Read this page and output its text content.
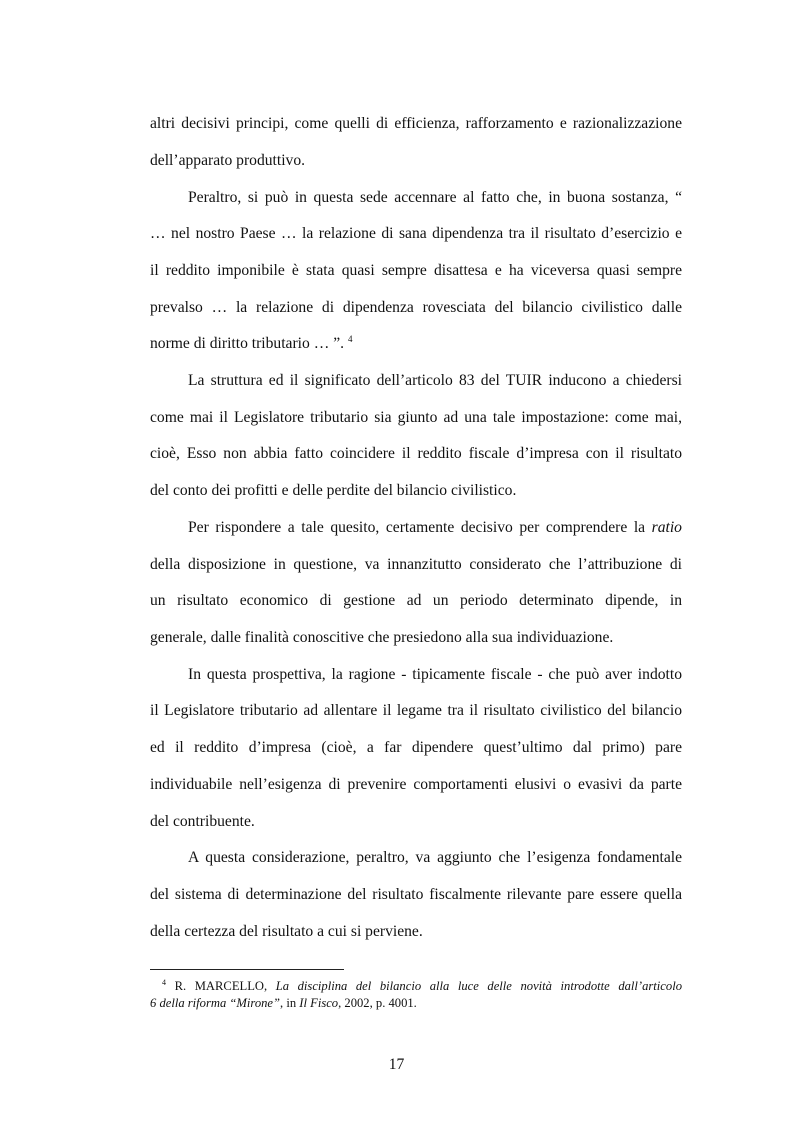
altri decisivi principi, come quelli di efficienza, rafforzamento e razionalizzazione
dell’apparato produttivo.
Peraltro, si può in questa sede accennare al fatto che, in buona sostanza, “
… nel nostro Paese … la relazione di sana dipendenza tra il risultato d’esercizio e
il reddito imponibile è stata quasi sempre disattesa e ha viceversa quasi sempre
prevalso … la relazione di dipendenza rovesciata del bilancio civilistico dalle
norme di diritto tributario … ”. $^4$
La struttura ed il significato dell’articolo 83 del TUIR inducono a chiedersi
come mai il Legislatore tributario sia giunto ad una tale impostazione: come mai,
cioè, Esso non abbia fatto coincidere il reddito fiscale d’impresa con il risultato
del conto dei profitti e delle perdite del bilancio civilistico.
Per rispondere a tale quesito, certamente decisivo per comprendere la ratio
della disposizione in questione, va innanzitutto considerato che l’attribuzione di
un risultato economico di gestione ad un periodo determinato dipende, in
generale, dalle finalità conoscitive che presiedono alla sua individuazione.
In questa prospettiva, la ragione - tipicamente fiscale - che può aver indotto
il Legislatore tributario ad allentare il legame tra il risultato civilistico del bilancio
ed il reddito d’impresa (cioè, a far dipendere quest’ultimo dal primo) pare
individuabile nell’esigenza di prevenire comportamenti elusivi o evasivi da parte
del contribuente.
A questa considerazione, peraltro, va aggiunto che l’esigenza fondamentale
del sistema di determinazione del risultato fiscalmente rilevante pare essere quella
della certezza del risultato a cui si perviene.
$^4$ R. MARCELLO, La disciplina del bilancio alla luce delle novità introdotte dall’articolo
6 della riforma “Mirone”, in Il Fisco, 2002, p. 4001.
17
